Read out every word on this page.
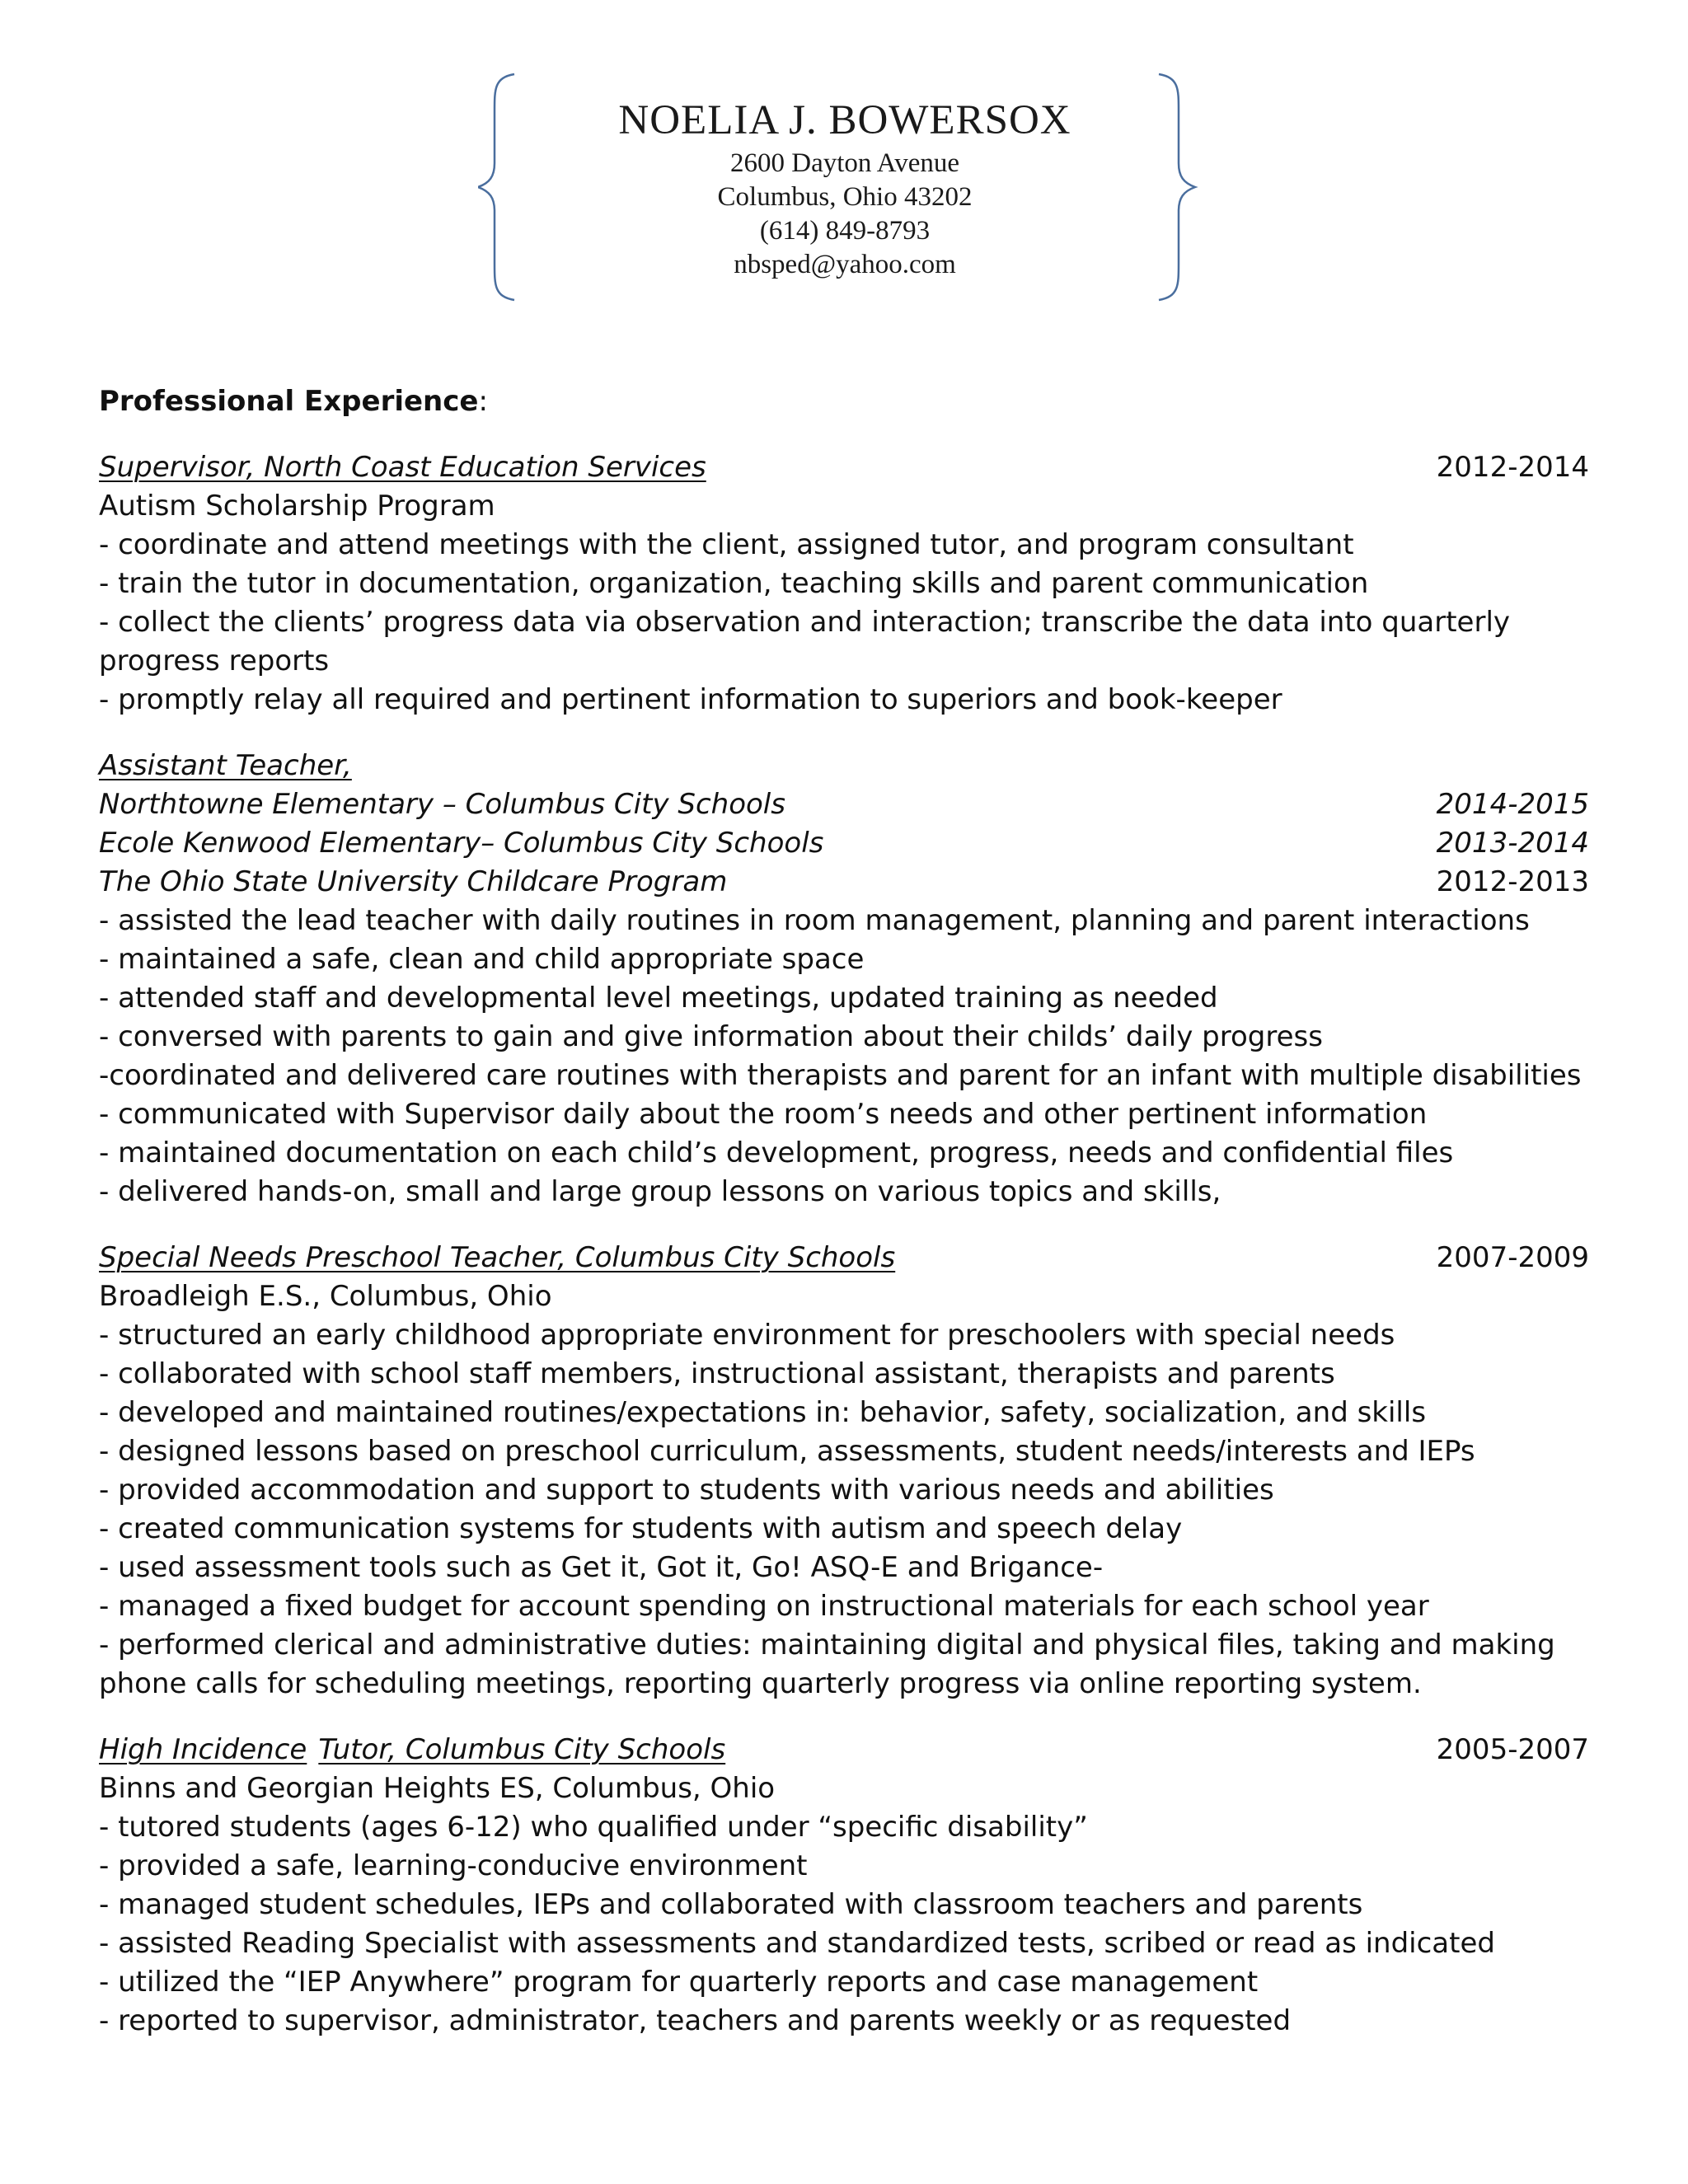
NOELIA J. BOWERSOX
2600 Dayton Avenue
Columbus, Ohio 43202
(614) 849-8793
nbsped@yahoo.com
Professional Experience:
Supervisor, North Coast Education Services	2012-2014
Autism Scholarship Program
- coordinate and attend meetings with the client, assigned tutor, and program consultant
- train the tutor in documentation, organization, teaching skills and parent communication
- collect the clients’ progress data via observation and interaction; transcribe the data into quarterly
progress reports
- promptly relay all required and pertinent information to superiors and book-keeper
Assistant Teacher,
Northtowne Elementary – Columbus City Schools	2014-2015
Ecole Kenwood Elementary– Columbus City Schools	2013-2014
The Ohio State University Childcare Program	2012-2013
- assisted the lead teacher with daily routines in room management, planning and parent interactions
- maintained a safe, clean and child appropriate space
- attended staff and developmental level meetings, updated training as needed
- conversed with parents to gain and give information about their childs’ daily progress
-coordinated and delivered care routines with therapists and parent for an infant with multiple disabilities
- communicated with Supervisor daily about the room’s needs and other pertinent information
- maintained documentation on each child’s development, progress, needs and confidential files
- delivered hands-on, small and large group lessons on various topics and skills,
Special Needs Preschool Teacher, Columbus City Schools	2007-2009
Broadleigh E.S., Columbus, Ohio
- structured an early childhood appropriate environment for preschoolers with special needs
- collaborated with school staff members, instructional assistant, therapists and parents
- developed and maintained routines/expectations in: behavior, safety, socialization, and skills
- designed lessons based on preschool curriculum, assessments, student needs/interests and IEPs
- provided accommodation and support to students with various needs and abilities
- created communication systems for students with autism and speech delay
- used assessment tools such as Get it, Got it, Go! ASQ-E and Brigance-
- managed a fixed budget for account spending on instructional materials for each school year
- performed clerical and administrative duties: maintaining digital and physical files, taking and making
phone calls for scheduling meetings, reporting quarterly progress via online reporting system.
High Incidence Tutor, Columbus City Schools	2005-2007
Binns and Georgian Heights ES, Columbus, Ohio
- tutored students (ages 6-12) who qualified under “specific disability”
- provided a safe, learning-conducive environment
- managed student schedules, IEPs and collaborated with classroom teachers and parents
- assisted Reading Specialist with assessments and standardized tests, scribed or read as indicated
- utilized the “IEP Anywhere” program for quarterly reports and case management
- reported to supervisor, administrator, teachers and parents weekly or as requested
